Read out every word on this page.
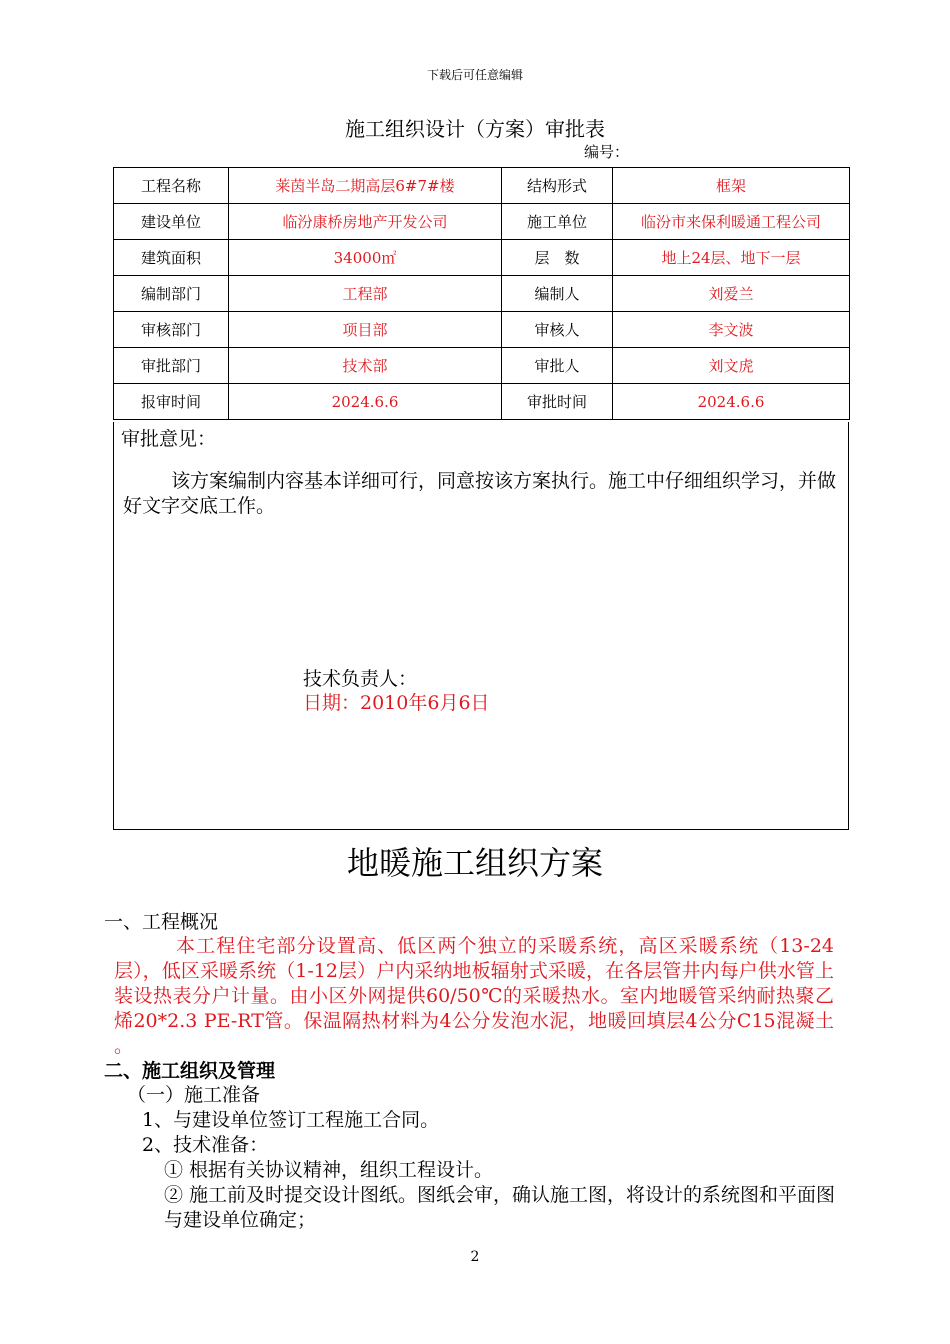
下载后可任意编辑
施工组织设计（方案）审批表
编号：
工程名称	莱茵半岛二期高层6#7#楼	结构形式	框架
建设单位	临汾康桥房地产开发公司	施工单位	临汾市来保利暖通工程公司
建筑面积	34000㎡	层　数	地上24层、地下一层
编制部门	工程部	编制人	刘爱兰
审核部门	项目部	审核人	李文波
审批部门	技术部	审批人	刘文虎
报审时间	2024.6.6	审批时间	2024.6.6
审批意见：
该方案编制内容基本详细可行，同意按该方案执行。施工中仔细组织学习，并做好文字交底工作。
技术负责人：
日期：2010年6月6日
地暖施工组织方案
一、工程概况
本工程住宅部分设置高、低区两个独立的采暖系统，高区采暖系统（13-24层），低区采暖系统（1-12层）户内采纳地板辐射式采暖，在各层管井内每户供水管上装设热表分户计量。由小区外网提供60/50℃的采暖热水。室内地暖管采纳耐热聚乙烯20*2.3 PE-RT管。保温隔热材料为4公分发泡水泥，地暖回填层4公分C15混凝土 。
二、施工组织及管理
（一）施工准备
1、与建设单位签订工程施工合同。
2、技术准备：
① 根据有关协议精神，组织工程设计。
② 施工前及时提交设计图纸。图纸会审，确认施工图，将设计的系统图和平面图与建设单位确定；
2
